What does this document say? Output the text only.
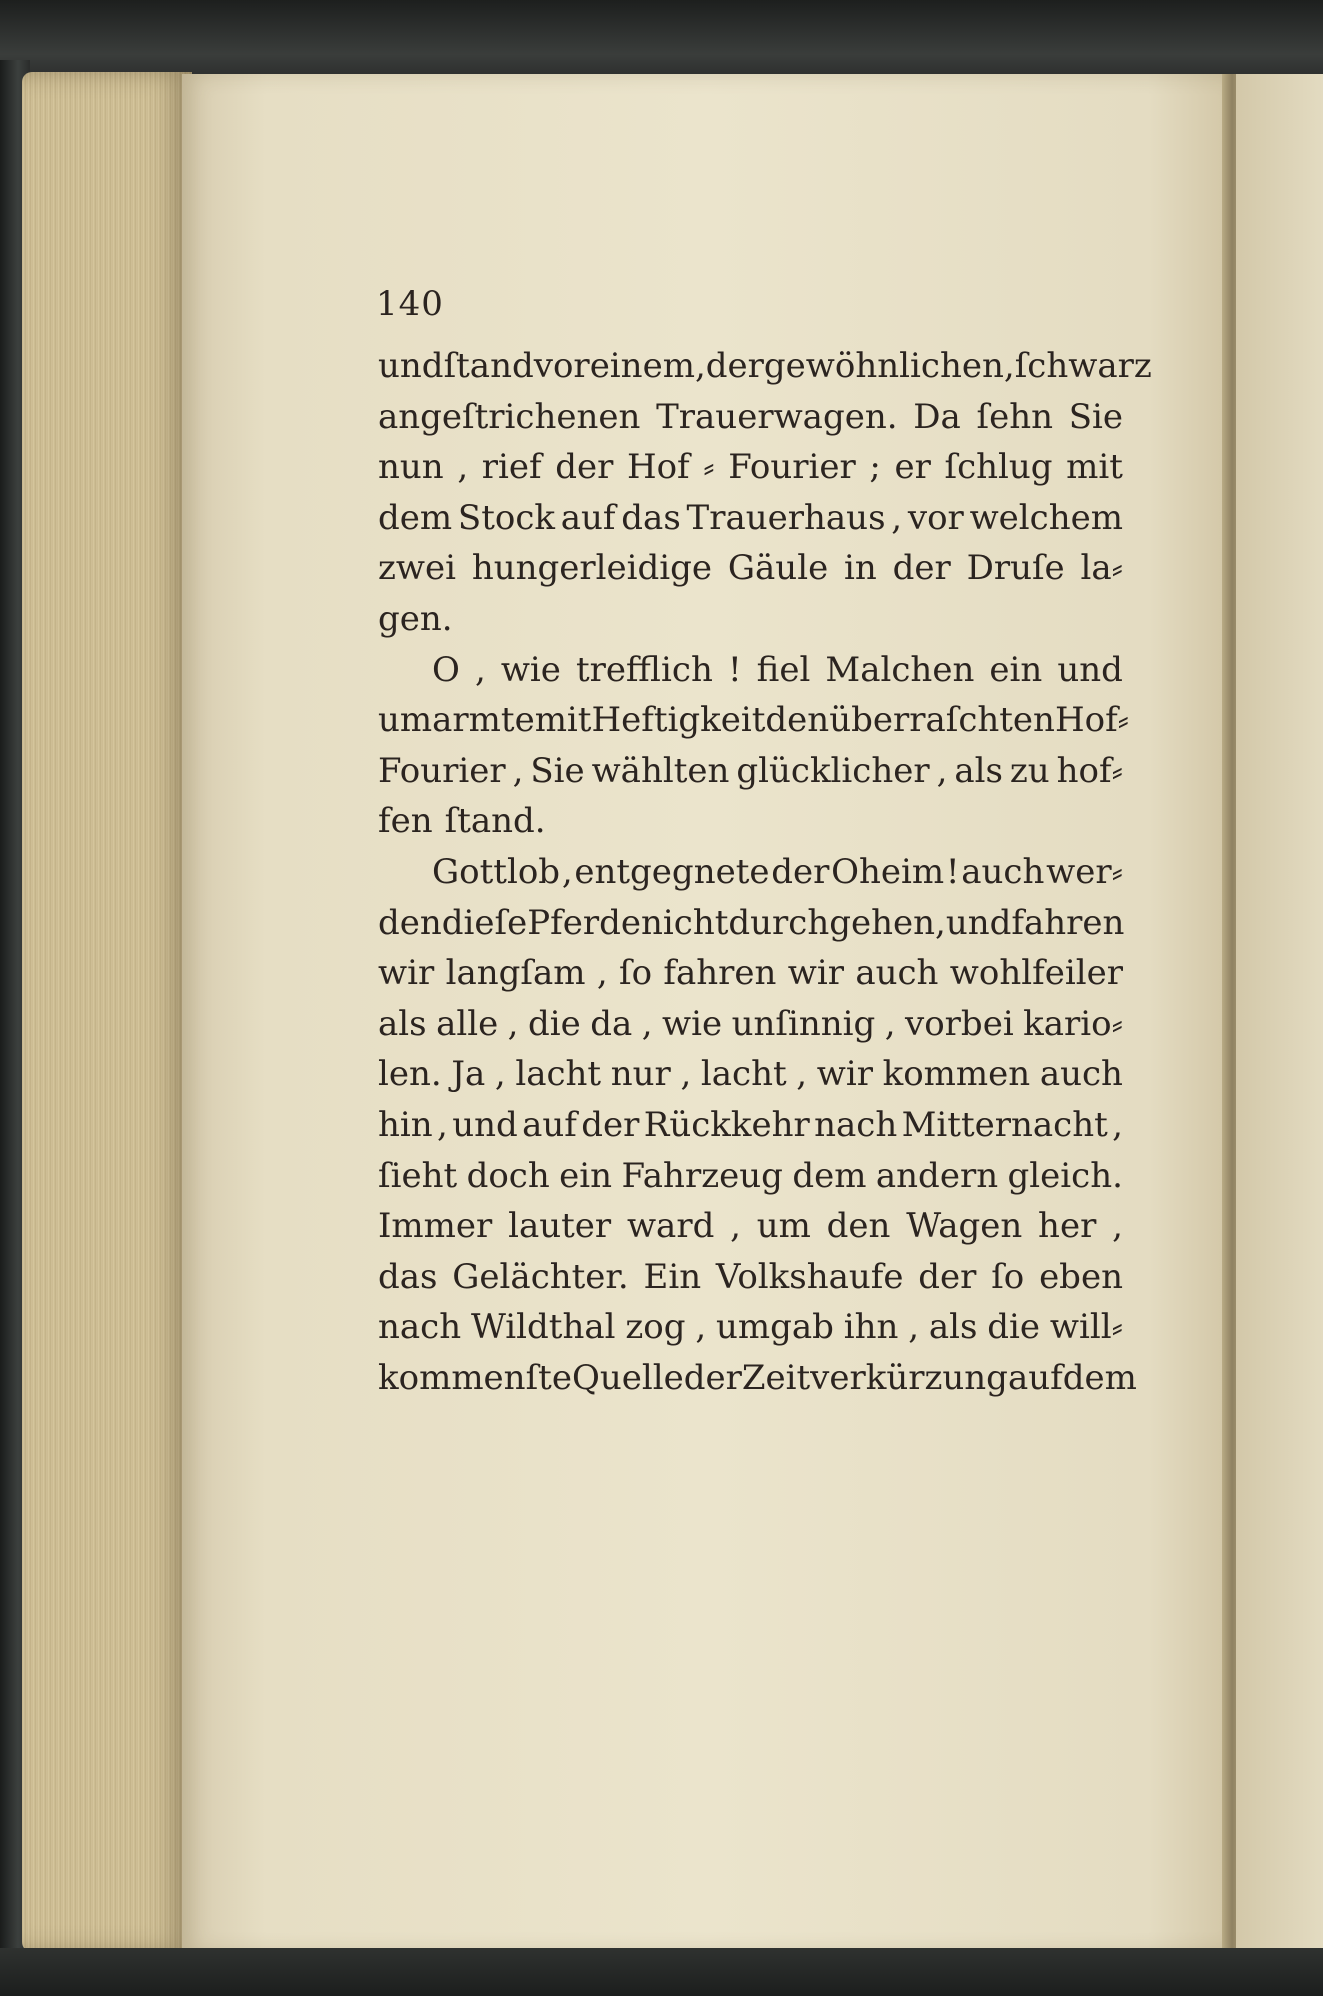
140
und ſtand vor einem , der gewöhnlichen , ſchwarz
angeſtrichenen Trauerwagen. Da ſehn Sie
nun , rief der Hof ⸗ Fourier ; er ſchlug mit
dem Stock auf das Trauerhaus , vor welchem
zwei hungerleidige Gäule in der Druſe la⸗
gen.
O , wie trefflich ! fiel Malchen ein und
umarmte mit Heftigkeit den überraſchten Hof⸗
Fourier , Sie wählten glücklicher , als zu hof⸗
fen ſtand.
Gottlob , entgegnete der Oheim ! auch wer⸗
den dieſe Pferde nicht durchgehen , und fahren
wir langſam , ſo fahren wir auch wohlfeiler
als alle , die da , wie unſinnig , vorbei kario⸗
len. Ja , lacht nur , lacht , wir kommen auch
hin , und auf der Rückkehr nach Mitternacht ,
ſieht doch ein Fahrzeug dem andern gleich.
Immer lauter ward , um den Wagen her ,
das Gelächter. Ein Volkshaufe der ſo eben
nach Wildthal zog , umgab ihn , als die will⸗
kommenſte Quelle der Zeitverkürzung auf dem
